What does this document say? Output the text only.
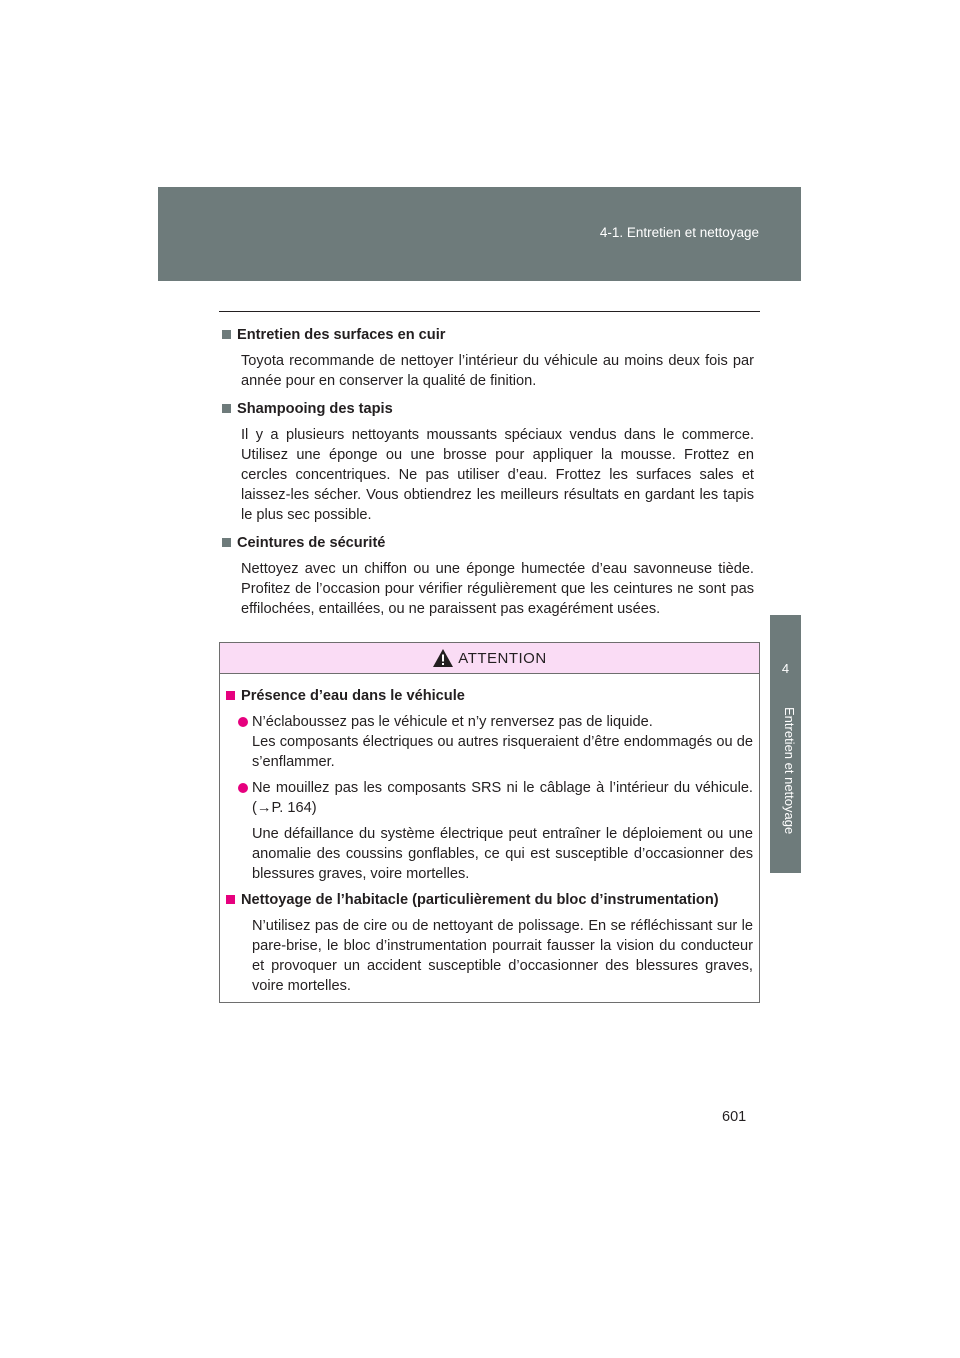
4-1. Entretien et nettoyage
4
Entretien et nettoyage
Entretien des surfaces en cuir

Toyota recommande de nettoyer l’intérieur du véhicule au moins deux fois par année pour en conserver la qualité de finition.

Shampooing des tapis

Il y a plusieurs nettoyants moussants spéciaux vendus dans le commerce. Utilisez une éponge ou une brosse pour appliquer la mousse. Frottez en cercles concentriques. Ne pas utiliser d’eau. Frottez les surfaces sales et laissez-les sécher. Vous obtiendrez les meilleurs résultats en gardant les tapis le plus sec possible.

Ceintures de sécurité

Nettoyez avec un chiffon ou une éponge humectée d’eau savonneuse tiède. Profitez de l’occasion pour vérifier régulièrement que les ceintures ne sont pas effilochées, entaillées, ou ne paraissent pas exagérément usées.

ATTENTION
Présence d’eau dans le véhicule

N’éclaboussez pas le véhicule et n’y renversez pas de liquide.

Les composants électriques ou autres risqueraient d’être endommagés ou de s’enflammer.

Ne mouillez pas les composants SRS ni le câblage à l’intérieur du véhicule. (→P. 164)

Une défaillance du système électrique peut entraîner le déploiement ou une anomalie des coussins gonflables, ce qui est susceptible d’occasionner des blessures graves, voire mortelles.

Nettoyage de l’habitacle (particulièrement du bloc d’instrumentation)

N’utilisez pas de cire ou de nettoyant de polissage. En se réfléchissant sur le pare-brise, le bloc d’instrumentation pourrait fausser la vision du conducteur et provoquer un accident susceptible d’occasionner des blessures graves, voire mortelles.

601
